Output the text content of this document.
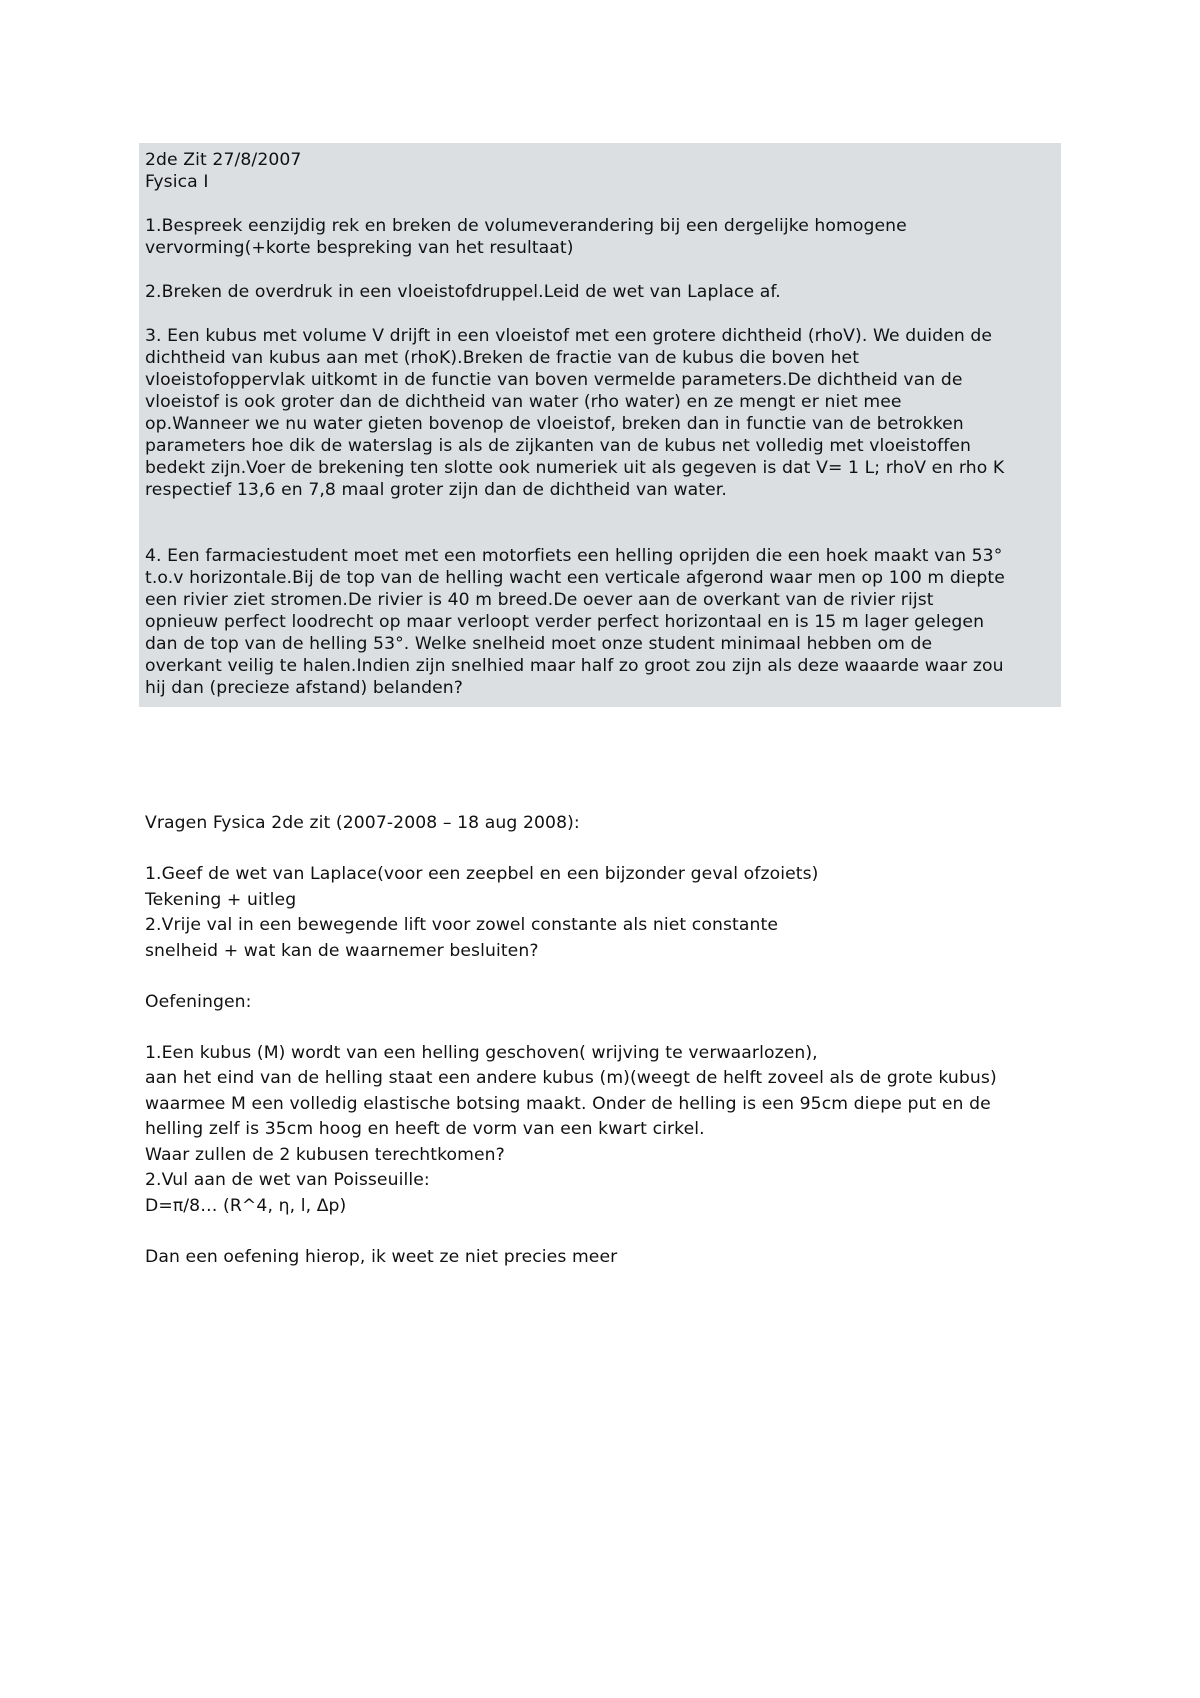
2de Zit 27/8/2007

Fysica I

1.Bespreek eenzijdig rek en breken de volumeverandering bij een dergelijke homogene

vervorming(+korte bespreking van het resultaat)

2.Breken de overdruk in een vloeistofdruppel.Leid de wet van Laplace af.

3. Een kubus met volume V drijft in een vloeistof met een grotere dichtheid (rhoV). We duiden de

dichtheid van kubus aan met (rhoK).Breken de fractie van de kubus die boven het

vloeistofoppervlak uitkomt in de functie van boven vermelde parameters.De dichtheid van de

vloeistof is ook groter dan de dichtheid van water (rho water) en ze mengt er niet mee

op.Wanneer we nu water gieten bovenop de vloeistof, breken dan in functie van de betrokken

parameters hoe dik de waterslag is als de zijkanten van de kubus net volledig met vloeistoffen

bedekt zijn.Voer de brekening ten slotte ook numeriek uit als gegeven is dat V= 1 L; rhoV en rho K

respectief 13,6 en 7,8 maal groter zijn dan de dichtheid van water.

4. Een farmaciestudent moet met een motorfiets een helling oprijden die een hoek maakt van 53°

t.o.v horizontale.Bij de top van de helling wacht een verticale afgerond waar men op 100 m diepte

een rivier ziet stromen.De rivier is 40 m breed.De oever aan de overkant van de rivier rijst

opnieuw perfect loodrecht op maar verloopt verder perfect horizontaal en is 15 m lager gelegen

dan de top van de helling 53°. Welke snelheid moet onze student minimaal hebben om de

overkant veilig te halen.Indien zijn snelhied maar half zo groot zou zijn als deze waaarde waar zou

hij dan (precieze afstand) belanden?

Vragen Fysica 2de zit (2007-2008 – 18 aug 2008):

1.Geef de wet van Laplace(voor een zeepbel en een bijzonder geval ofzoiets)

Tekening + uitleg

2.Vrije val in een bewegende lift voor zowel constante als niet constante

snelheid + wat kan de waarnemer besluiten?

Oefeningen:

1.Een kubus (M) wordt van een helling geschoven( wrijving te verwaarlozen),

aan het eind van de helling staat een andere kubus (m)(weegt de helft zoveel als de grote kubus)

waarmee M een volledig elastische botsing maakt. Onder de helling is een 95cm diepe put en de

helling zelf is 35cm hoog en heeft de vorm van een kwart cirkel.

Waar zullen de 2 kubusen terechtkomen?

2.Vul aan de wet van Poisseuille:

D=π/8… (R^4, η, l, Δp)

Dan een oefening hierop, ik weet ze niet precies meer
